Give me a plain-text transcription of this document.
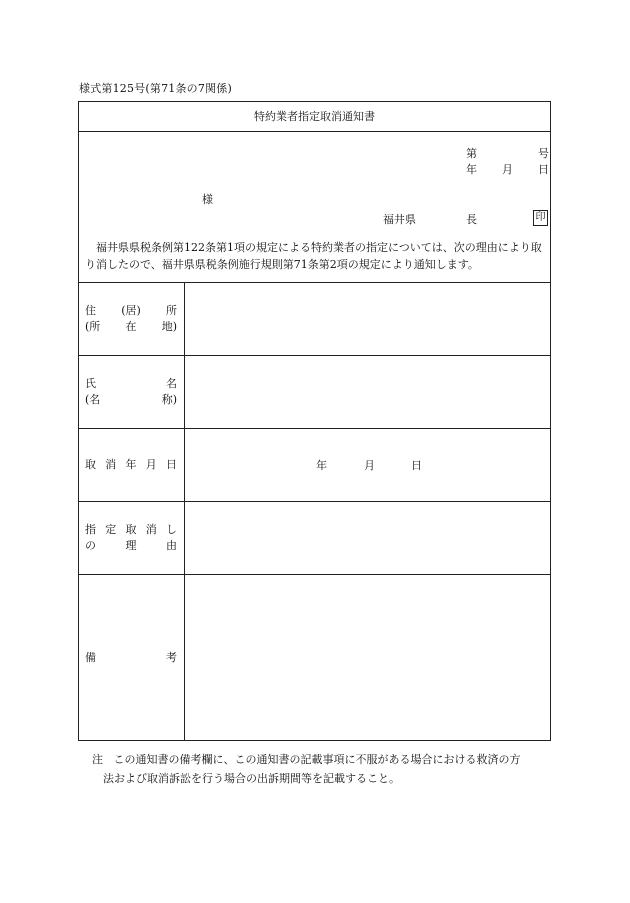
様式第125号(第71条の7関係)
特約業者指定取消通知書
第	号
年 月 日
様
福井県	長	印
福井県県税条例第122条第1項の規定による特約業者の指定については、次の理由により取り消したので、福井県県税条例施行規則第71条第2項の規定により通知します。
住 (居) 所
(所 在 地)
氏	名
(名	称)
取 消 年 月 日	年	月	日
指 定 取 消 し
の	理	由
備	考
注 この通知書の備考欄に、この通知書の記載事項に不服がある場合における救済の方
法および取消訴訟を行う場合の出訴期間等を記載すること。
